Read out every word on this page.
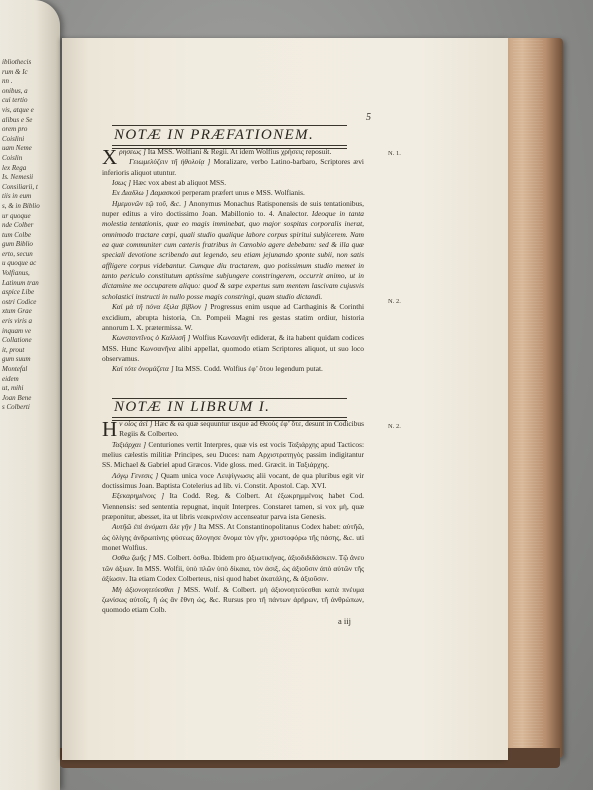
ibliothecis
rum & Ic
nn .
onibus, a
cui tertio
vis, atque e
alibus e Se
orem pro
Coislini
uam Neme
Coislin
lex Rega
Is. Nemesii
Consiliarii, t
tiis in eum
s, & in Biblio
ur quoque
nde Colber
tum Colbe
gum Biblio
erto, secun
u quoque ac
Volfianus,
Latinum tran
aspice Libe
ostri Codice
xtum Grae
eris viris a
inquam ve
Collatione
it, prout
gum suum
Montefal
eidem
ut, mihi
Joan Bene
s Colberti
5
NOTÆ IN PRÆFATIONEM.

Xρησεως ] Ita MSS. Wolfiani & Regii. At idem Wolfius χρήσεις reposuit.

Γειωμελύζειν τῆ ἠθολοίᾳ ] Moralizare, verbo Latino-barbaro, Scriptores ævi inferioris aliquot utuntur.

Ισως ] Hæc vox abest ab aliquot MSS.

Ex Διαδλω ] Δαμασκού perperam præfert unus e MSS. Wolfianis.

Ημεμονῶν τῷ τοῦ, &c. ] Anonymus Monachus Ratisponensis de suis tentationibus, nuper editus a viro doctissimo Joan. Mabillonio to. 4. Analector. Ideoque in tanta molestia tentationis, quæ eo magis imminebat, quo major sospitas corporalis inerat, omnimodo tractare cœpi, quali studio qualique labore corpus spiritui subjicerem. Nam ea quæ communiter cum cæteris fratribus in Cœnobio agere debebam: sed & illa quæ speciali devotione scribendo aut legendo, seu etiam jejunando sponte subii, non satis affligere corpus videbantur. Cumque diu tractarem, quo potissimum studio memet in tanto periculo constitutum aptissime subjungere constringerem, occurrit animo, ut in dictamine me occuparem aliquo: quod & sæpe expertus sum mentem lascivam cujusvis scholastici instructi in nullo posse magis constringi, quam studio dictandi.

Καὶ μὰ τῆ πόνα ἐξιλα βίβλον ] Progressus enim usque ad Carthaginis & Corinthi excidium, abrupta historia, Cn. Pompeii Magni res gestas statim ordiur, historia annorum L X. prætermissa. W.

Κωνσταντῖνος ὁ Καλλισῆ ] Wolfius Κωνσανῆτ ediderat, & ita habent quidam codices MSS. Hunc Κωνσανῆνα alibi appellat, quomodo etiam Scriptores aliquot, ut suo loco observamus.

Καὶ τότε ὀνομάζετα ] Ita MSS. Codd. Wolfius ἐφ’ ὅτου legendum putat.

NOTÆ IN LIBRUM I.

Hν οἷος ἀεὶ ] Hæc & ea quæ sequuntur usque ad Θεοὺς ἐφ’ ὅτε, desunt in Codicibus Regiis & Colberteo.

Ταξιάρχαι ] Centuriones vertit Interpres, quæ vis est vocis Ταξιάρχης apud Tacticos: melius cælestis militiæ Principes, seu Duces: nam Αρχιστρατηγὸς passim indigitantur SS. Michael & Gabriel apud Græcos. Vide gloss. med. Græcit. in Ταξιάρχης.

Λόγῳ Γενεσις ] Quam unica voce Λειψίγνωσις alii vocant, de qua pluribus egit vir doctissimus Joan. Baptista Cotelerius ad lib. vi. Constit. Apostol. Cap. XVI.

Εξεκαρημένοις ] Ita Codd. Reg. & Colbert. At ἐξωκρημμένοις habet Cod. Viennensis: sed sententia repugnat, inquit Interpres. Constaret tamen, si vox μὴ, quæ præponitur, abesset, ita ut libris νεακρινέσιν accenseatur parva ista Genesis.

Αυτῆῶ ἐπὶ ἀνόματι ὅλε γῆν ] Ita MSS. At Constantinopolitanus Codex habet: αὐτῆῶ, ὡς ὀλίγης ἀνδρωπίνης φύσεως ἄλογησε ὄνομα τὸν γῆν, χριστοφόρω τῆς πάσης, &c. uti monet Wolfius.

Οσθω ζωῆς ] MS. Colbert. ὁσθω. Ibidem pro ἀξιωτικήνας, ἀξιοδιδιδάσκειν. Τῷ ἄνευ τῶν ἀξιων. In MSS. Wolfii, ὑπὸ πλῶν ὑπὸ δίκαια, τὸν ἀσιξ, ὡς ἀξιοῦσιν ἀπὸ αὐτῶν τῆς ἀξίωσιν. Ita etiam Codex Colberteus, nisi quod habet ἀκατάλης, & ἀξιοῦσιν.

Μὴ ἀξιονοητεύεσθαι ] MSS. Wolf. & Colbert. μὴ ἀξιονοητεύεσθαι κατὰ πνέυμα ζωνίσως αὐτοῖς, ἢ ὡς ἂν ἔθνη ὡς, &c. Rursus pro τῆ πάντων ἀρήρων, τῆ ἀνθρώπων, quomodo etiam Colb.

N. 1.
N. 2.
N. 2.
a iij
